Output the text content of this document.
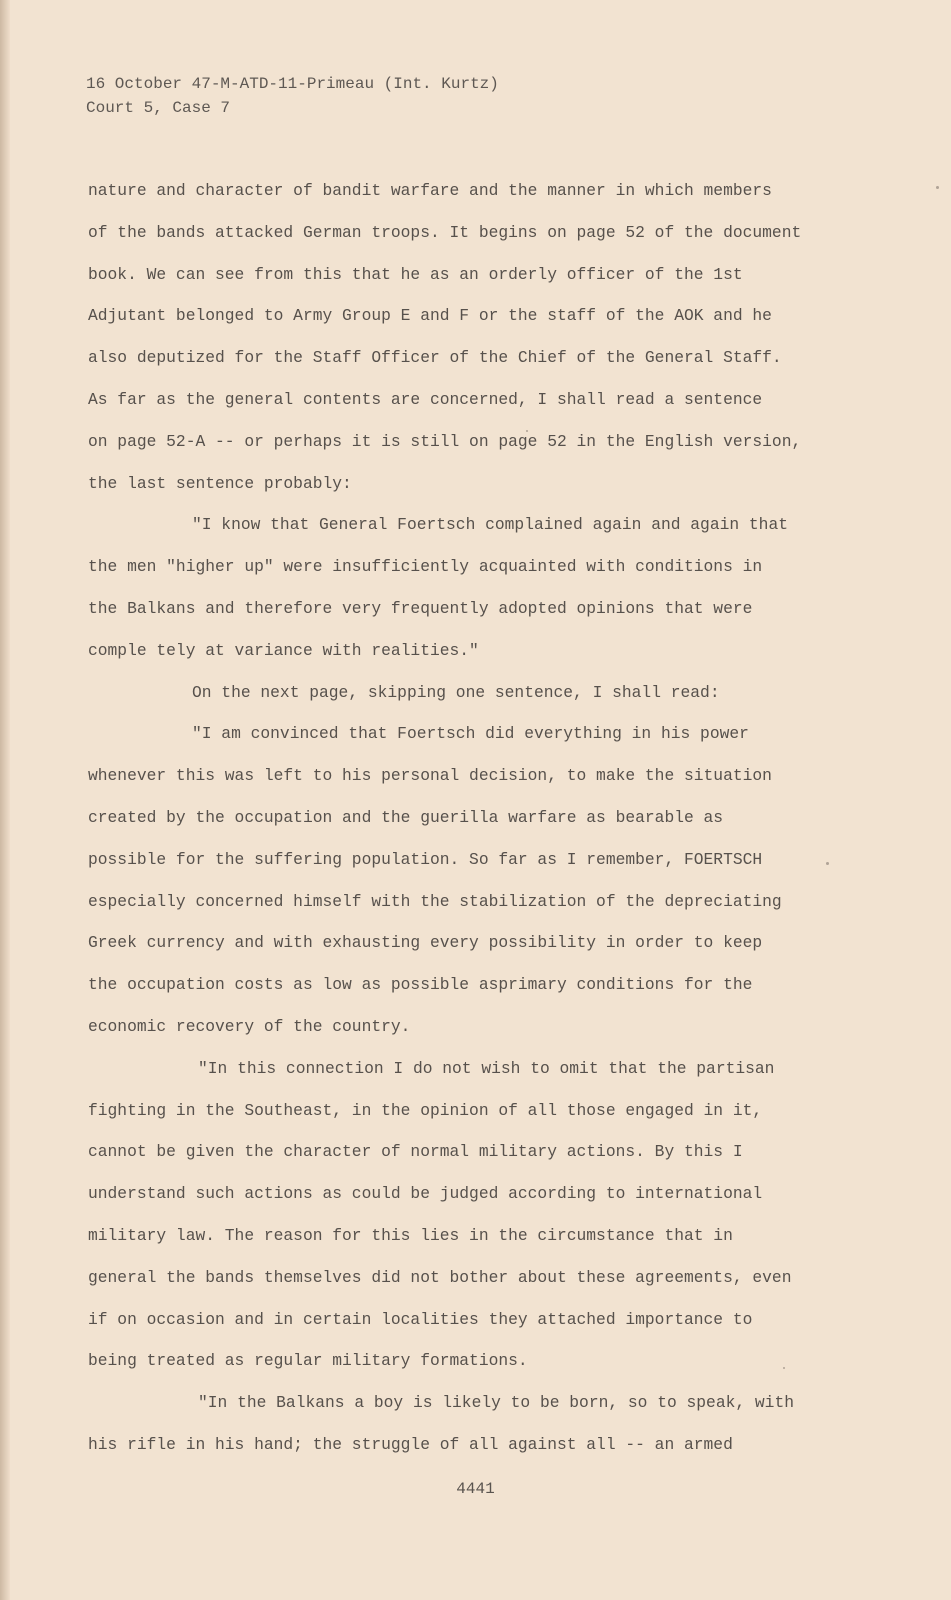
16 October 47-M-ATD-11-Primeau (Int. Kurtz)
Court 5, Case 7
nature and character of bandit warfare and the manner in which members
of the bands attacked German troops. It begins on page 52 of the document
book. We can see from this that he as an orderly officer of the 1st
Adjutant belonged to Army Group E and F or the staff of the AOK and he
also deputized for the Staff Officer of the Chief of the General Staff.
As far as the general contents are concerned, I shall read a sentence
on page 52-A -- or perhaps it is still on page 52 in the English version,
the last sentence probably:
"I know that General Foertsch complained again and again that
the men "higher up" were insufficiently acquainted with conditions in
the Balkans and therefore very frequently adopted opinions that were
comple tely at variance with realities."
On the next page, skipping one sentence, I shall read:
"I am convinced that Foertsch did everything in his power
whenever this was left to his personal decision, to make the situation
created by the occupation and the guerilla warfare as bearable as
possible for the suffering population. So far as I remember, FOERTSCH
especially concerned himself with the stabilization of the depreciating
Greek currency and with exhausting every possibility in order to keep
the occupation costs as low as possible asprimary conditions for the
economic recovery of the country.
"In this connection I do not wish to omit that the partisan
fighting in the Southeast, in the opinion of all those engaged in it,
cannot be given the character of normal military actions. By this I
understand such actions as could be judged according to international
military law. The reason for this lies in the circumstance that in
general the bands themselves did not bother about these agreements, even
if on occasion and in certain localities they attached importance to
being treated as regular military formations.
"In the Balkans a boy is likely to be born, so to speak, with
his rifle in his hand; the struggle of all against all -- an armed
4441
